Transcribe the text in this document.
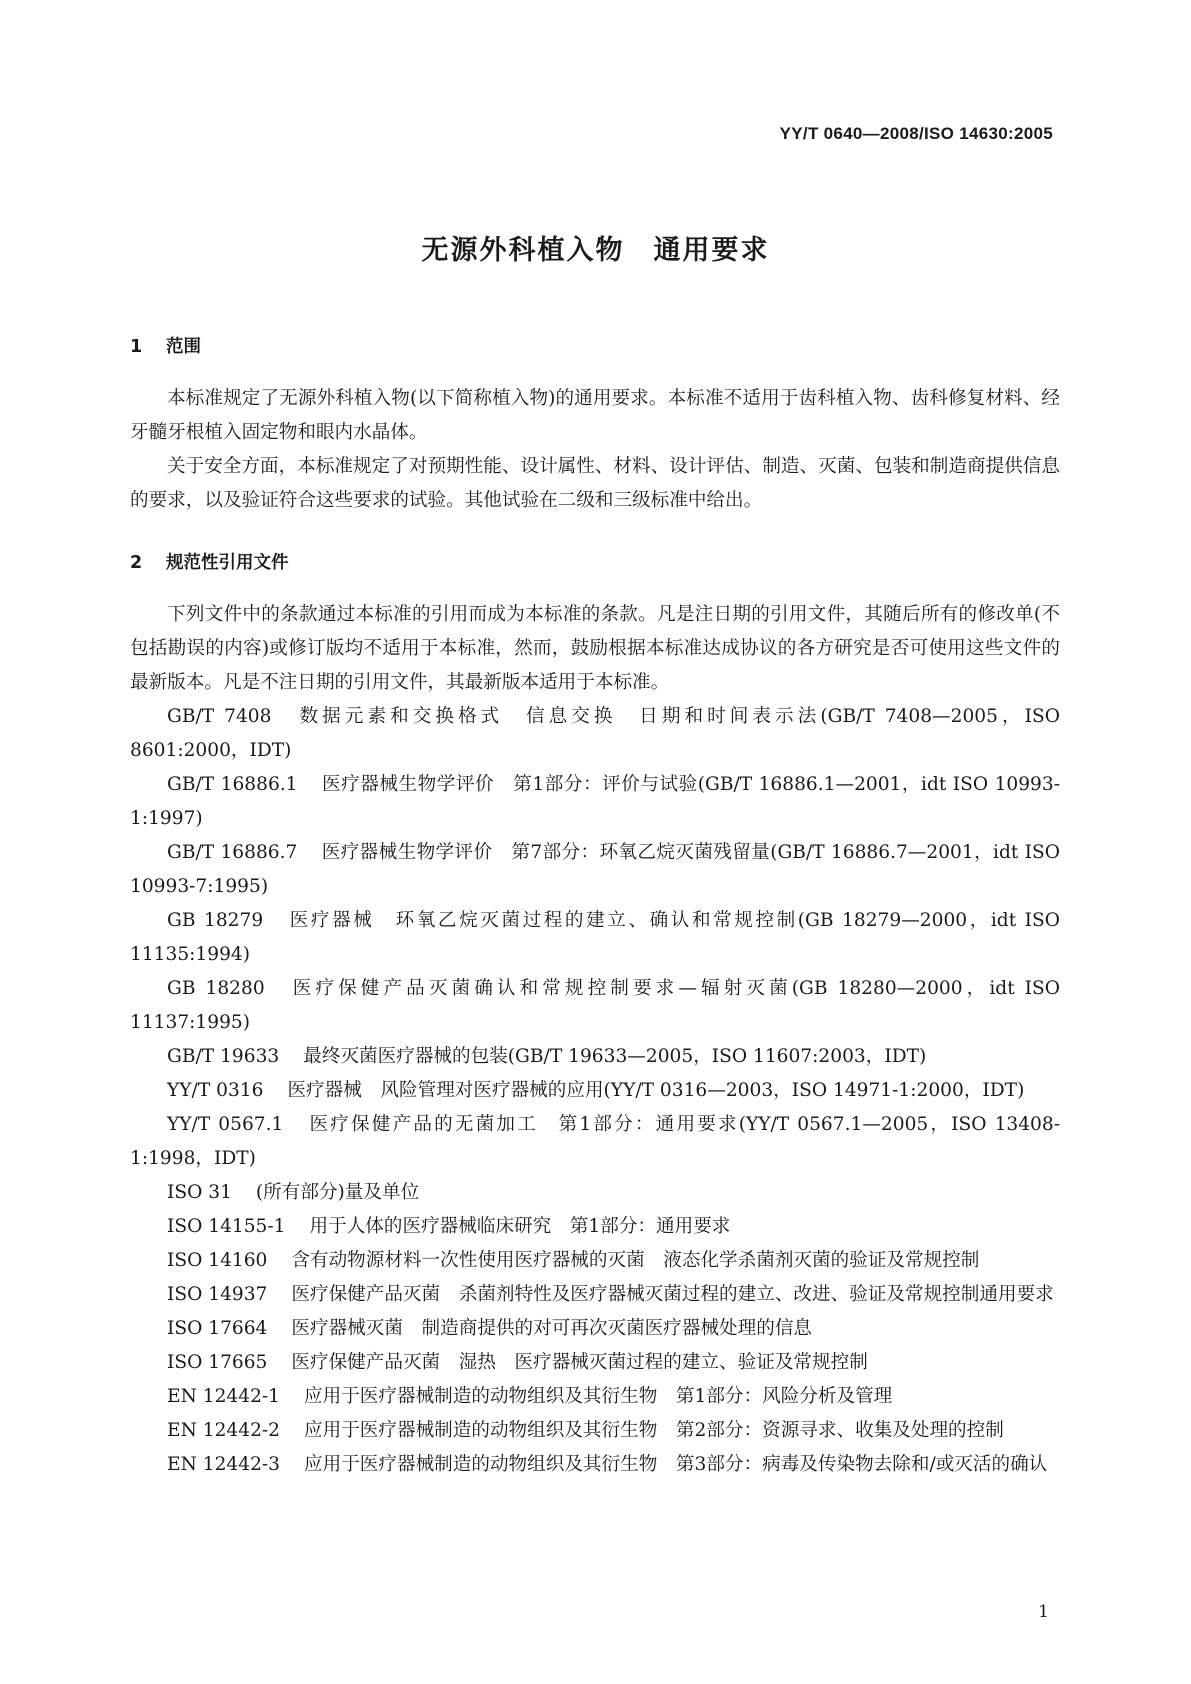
YY/T 0640—2008/ISO 14630:2005
无源外科植入物　通用要求
1 范围

本标准规定了无源外科植入物(以下简称植入物)的通用要求。本标准不适用于齿科植入物、齿科修复材料、经牙髓牙根植入固定物和眼内水晶体。

关于安全方面，本标准规定了对预期性能、设计属性、材料、设计评估、制造、灭菌、包装和制造商提供信息的要求，以及验证符合这些要求的试验。其他试验在二级和三级标准中给出。

2 规范性引用文件

下列文件中的条款通过本标准的引用而成为本标准的条款。凡是注日期的引用文件，其随后所有的修改单(不包括勘误的内容)或修订版均不适用于本标准，然而，鼓励根据本标准达成协议的各方研究是否可使用这些文件的最新版本。凡是不注日期的引用文件，其最新版本适用于本标准。

GB/T 7408 数据元素和交换格式　信息交换　日期和时间表示法(GB/T 7408—2005，ISO 8601:2000，IDT)

GB/T 16886.1 医疗器械生物学评价　第1部分：评价与试验(GB/T 16886.1—2001，idt ISO 10993-1:1997)

GB/T 16886.7 医疗器械生物学评价　第7部分：环氧乙烷灭菌残留量(GB/T 16886.7—2001，idt ISO 10993-7:1995)

GB 18279 医疗器械　环氧乙烷灭菌过程的建立、确认和常规控制(GB 18279—2000，idt ISO 11135:1994)

GB 18280 医疗保健产品灭菌确认和常规控制要求—辐射灭菌(GB 18280—2000，idt ISO 11137:1995)

GB/T 19633 最终灭菌医疗器械的包装(GB/T 19633—2005，ISO 11607:2003，IDT)

YY/T 0316 医疗器械　风险管理对医疗器械的应用(YY/T 0316—2003，ISO 14971-1:2000，IDT)

YY/T 0567.1 医疗保健产品的无菌加工　第1部分：通用要求(YY/T 0567.1—2005，ISO 13408-1:1998，IDT)

ISO 31 (所有部分)量及单位

ISO 14155-1 用于人体的医疗器械临床研究　第1部分：通用要求

ISO 14160 含有动物源材料一次性使用医疗器械的灭菌　液态化学杀菌剂灭菌的验证及常规控制

ISO 14937 医疗保健产品灭菌　杀菌剂特性及医疗器械灭菌过程的建立、改进、验证及常规控制通用要求

ISO 17664 医疗器械灭菌　制造商提供的对可再次灭菌医疗器械处理的信息

ISO 17665 医疗保健产品灭菌　湿热　医疗器械灭菌过程的建立、验证及常规控制

EN 12442-1 应用于医疗器械制造的动物组织及其衍生物　第1部分：风险分析及管理

EN 12442-2 应用于医疗器械制造的动物组织及其衍生物　第2部分：资源寻求、收集及处理的控制

EN 12442-3 应用于医疗器械制造的动物组织及其衍生物　第3部分：病毒及传染物去除和/或灭活的确认

1
